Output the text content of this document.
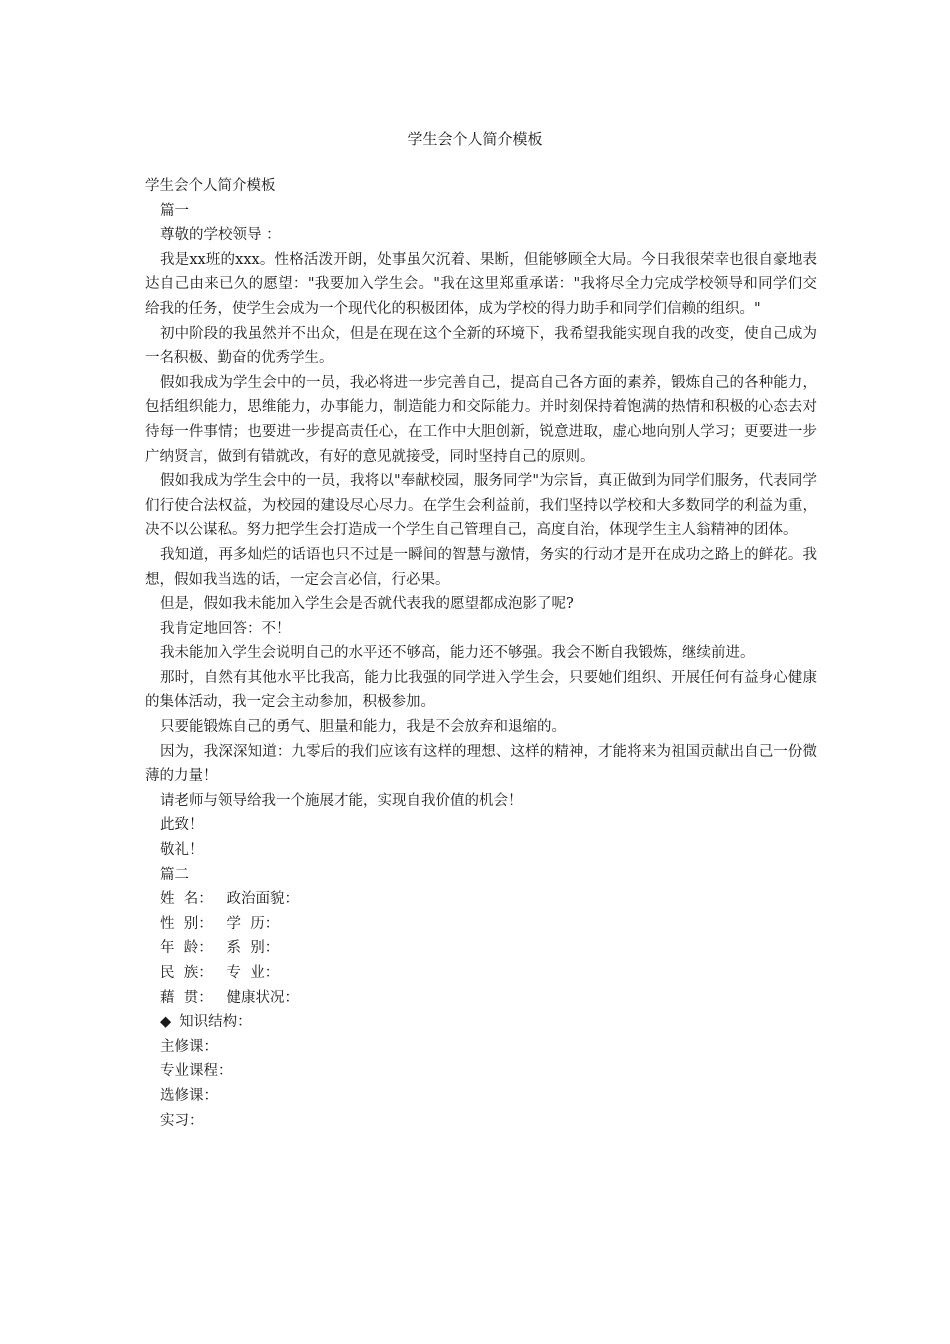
学生会个人简介模板

学生会个人简介模板

篇一

尊敬的学校领导 ：

我是xx班的xxx。性格活泼开朗，处事虽欠沉着、果断，但能够顾全大局。今日我很荣幸也很自豪地表达自己由来已久的愿望："我要加入学生会。"我在这里郑重承诺："我将尽全力完成学校领导和同学们交给我的任务，使学生会成为一个现代化的积极团体，成为学校的得力助手和同学们信赖的组织。"

初中阶段的我虽然并不出众，但是在现在这个全新的环境下，我希望我能实现自我的改变，使自己成为一名积极、勤奋的优秀学生。

假如我成为学生会中的一员，我必将进一步完善自己，提高自己各方面的素养，锻炼自己的各种能力，包括组织能力，思维能力，办事能力，制造能力和交际能力。并时刻保持着饱满的热情和积极的心态去对待每一件事情；也要进一步提高责任心，在工作中大胆创新，锐意进取，虚心地向别人学习；更要进一步广纳贤言，做到有错就改，有好的意见就接受，同时坚持自己的原则。

假如我成为学生会中的一员，我将以"奉献校园，服务同学"为宗旨，真正做到为同学们服务，代表同学们行使合法权益，为校园的建设尽心尽力。在学生会利益前，我们坚持以学校和大多数同学的利益为重，决不以公谋私。努力把学生会打造成一个学生自己管理自己，高度自治，体现学生主人翁精神的团体。

我知道，再多灿烂的话语也只不过是一瞬间的智慧与激情，务实的行动才是开在成功之路上的鲜花。我想，假如我当选的话，一定会言必信，行必果。

但是，假如我未能加入学生会是否就代表我的愿望都成泡影了呢?

我肯定地回答：不！

我未能加入学生会说明自己的水平还不够高，能力还不够强。我会不断自我锻炼，继续前进。

那时，自然有其他水平比我高，能力比我强的同学进入学生会，只要她们组织、开展任何有益身心健康的集体活动，我一定会主动参加，积极参加。

只要能锻炼自己的勇气、胆量和能力，我是不会放弃和退缩的。

因为，我深深知道：九零后的我们应该有这样的理想、这样的精神，才能将来为祖国贡献出自己一份微薄的力量！

请老师与领导给我一个施展才能，实现自我价值的机会！

此致！

敬礼！

篇二

姓  名：   政治面貌：

性  别：   学  历：

年  龄：   系  别：

民  族：   专  业：

藉  贯：   健康状况：

◆ 知识结构：

主修课：

专业课程：

选修课：

实习：
